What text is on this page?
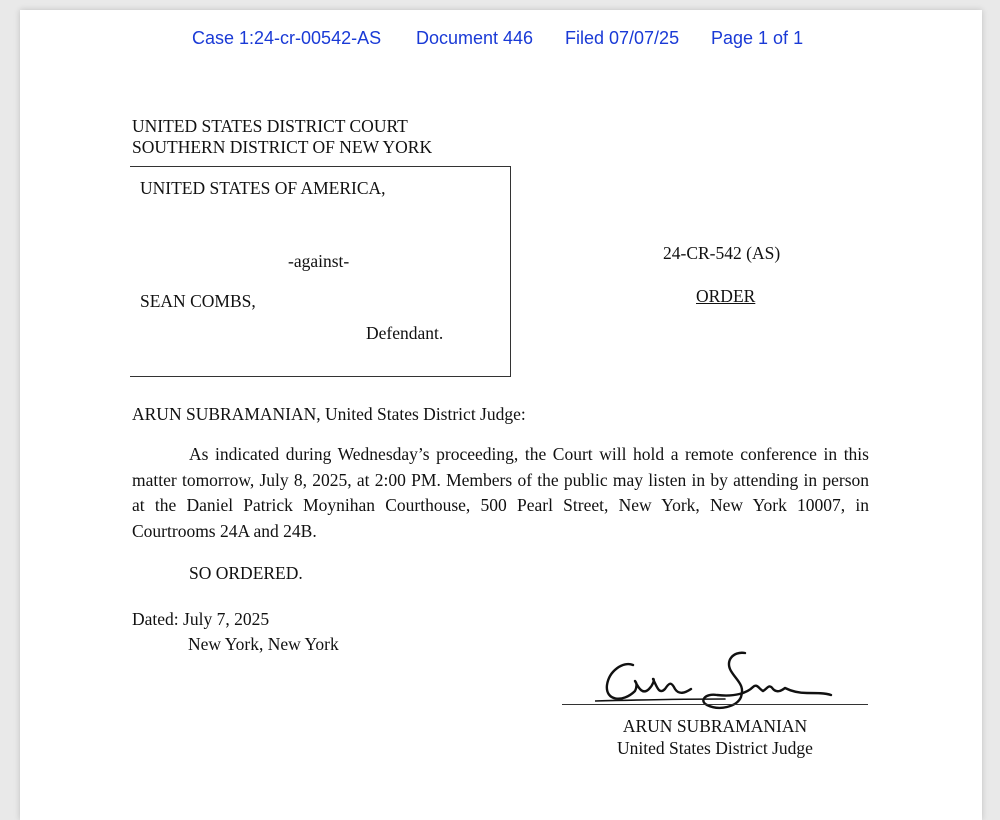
Case 1:24-cr-00542-AS Document 446 Filed 07/07/25 Page 1 of 1
UNITED STATES DISTRICT COURT
SOUTHERN DISTRICT OF NEW YORK
UNITED STATES OF AMERICA,
-against-
SEAN COMBS,
Defendant.
24-CR-542 (AS)
ORDER
ARUN SUBRAMANIAN, United States District Judge:
As indicated during Wednesday’s proceeding, the Court will hold a remote conference in this matter tomorrow, July 8, 2025, at 2:00 PM. Members of the public may listen in by attending in person at the Daniel Patrick Moynihan Courthouse, 500 Pearl Street, New York, New York 10007, in Courtrooms 24A and 24B.
SO ORDERED.
Dated: July 7, 2025
New York, New York
ARUN SUBRAMANIAN
United States District Judge
